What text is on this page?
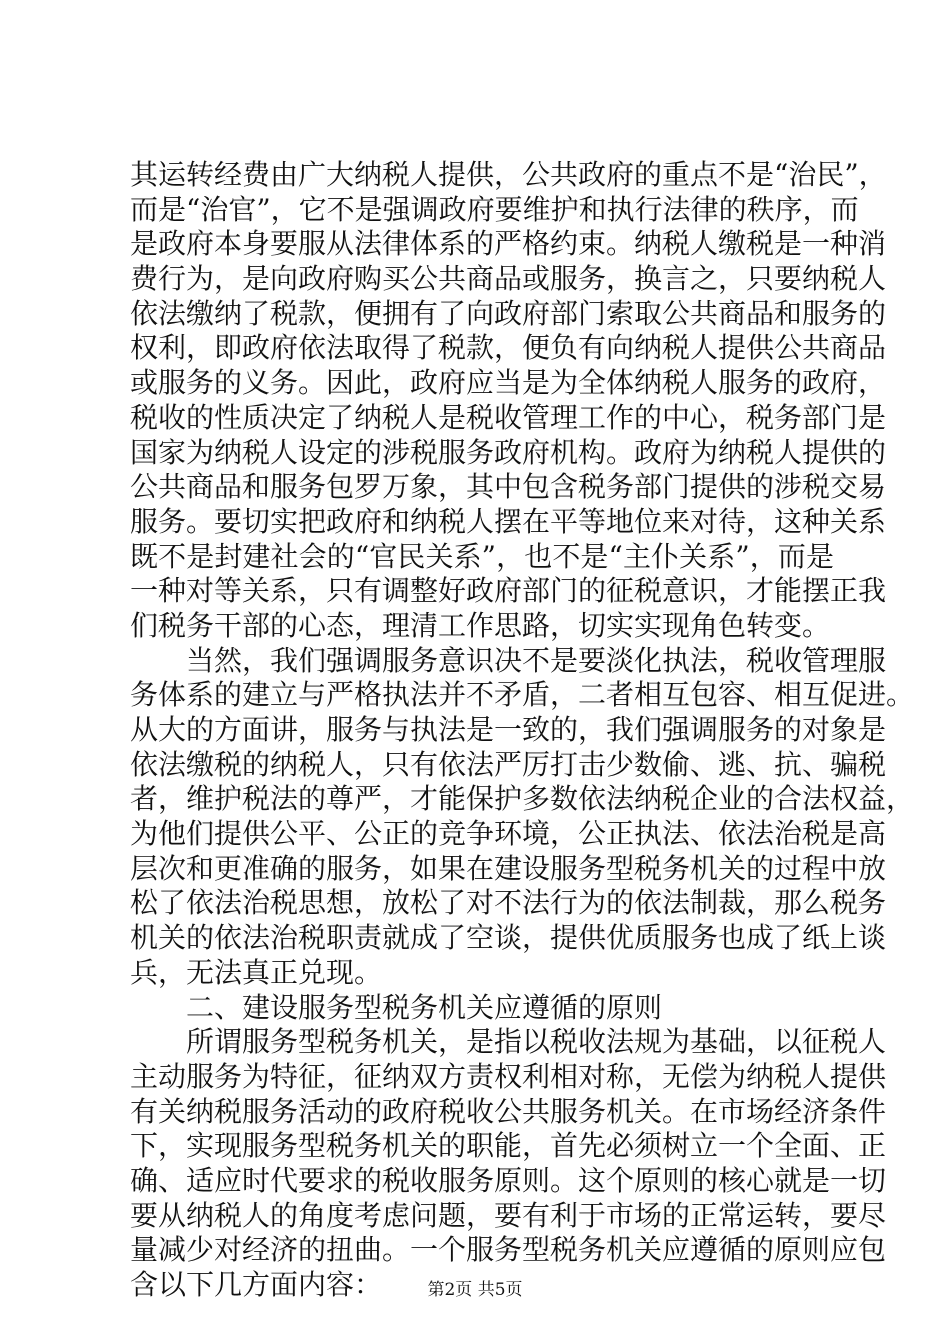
其运转经费由广大纳税人提供，公共政府的重点不是“治民”，
而是“治官”，它不是强调政府要维护和执行法律的秩序，而
是政府本身要服从法律体系的严格约束。纳税人缴税是一种消
费行为，是向政府购买公共商品或服务，换言之，只要纳税人
依法缴纳了税款，便拥有了向政府部门索取公共商品和服务的
权利，即政府依法取得了税款，便负有向纳税人提供公共商品
或服务的义务。因此，政府应当是为全体纳税人服务的政府，
税收的性质决定了纳税人是税收管理工作的中心，税务部门是
国家为纳税人设定的涉税服务政府机构。政府为纳税人提供的
公共商品和服务包罗万象，其中包含税务部门提供的涉税交易
服务。要切实把政府和纳税人摆在平等地位来对待，这种关系
既不是封建社会的“官民关系”，也不是“主仆关系”，而是
一种对等关系，只有调整好政府部门的征税意识，才能摆正我
们税务干部的心态，理清工作思路，切实实现角色转变。
　　当然，我们强调服务意识决不是要淡化执法，税收管理服
务体系的建立与严格执法并不矛盾，二者相互包容、相互促进。
从大的方面讲，服务与执法是一致的，我们强调服务的对象是
依法缴税的纳税人，只有依法严厉打击少数偷、逃、抗、骗税
者，维护税法的尊严，才能保护多数依法纳税企业的合法权益，
为他们提供公平、公正的竞争环境，公正执法、依法治税是高
层次和更准确的服务，如果在建设服务型税务机关的过程中放
松了依法治税思想，放松了对不法行为的依法制裁，那么税务
机关的依法治税职责就成了空谈，提供优质服务也成了纸上谈
兵，无法真正兑现。
　　二、建设服务型税务机关应遵循的原则
　　所谓服务型税务机关，是指以税收法规为基础，以征税人
主动服务为特征，征纳双方责权利相对称，无偿为纳税人提供
有关纳税服务活动的政府税收公共服务机关。在市场经济条件
下，实现服务型税务机关的职能，首先必须树立一个全面、正
确、适应时代要求的税收服务原则。这个原则的核心就是一切
要从纳税人的角度考虑问题，要有利于市场的正常运转，要尽
量减少对经济的扭曲。一个服务型税务机关应遵循的原则应包
含以下几方面内容：	第2页 共5页
